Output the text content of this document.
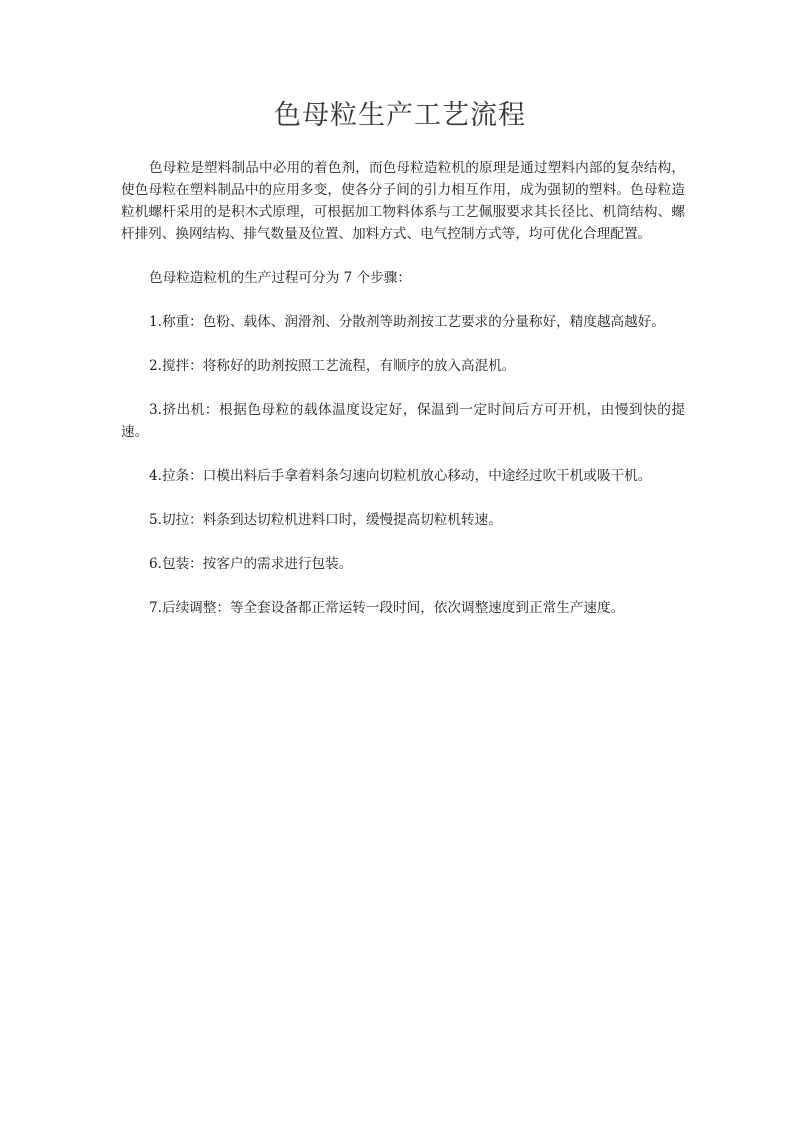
色母粒生产工艺流程

色母粒是塑料制品中必用的着色剂，而色母粒造粒机的原理是通过塑料内部的复杂结构，使色母粒在塑料制品中的应用多变，使各分子间的引力相互作用，成为强韧的塑料。色母粒造粒机螺杆采用的是积木式原理，可根据加工物料体系与工艺佩服要求其长径比、机筒结构、螺杆排列、换网结构、排气数量及位置、加料方式、电气控制方式等，均可优化合理配置。

色母粒造粒机的生产过程可分为 7 个步骤：

1.称重：色粉、载体、润滑剂、分散剂等助剂按工艺要求的分量称好，精度越高越好。

2.搅拌：将称好的助剂按照工艺流程，有顺序的放入高混机。

3.挤出机：根据色母粒的载体温度设定好，保温到一定时间后方可开机，由慢到快的提速。

4.拉条：口模出料后手拿着料条匀速向切粒机放心移动，中途经过吹干机或吸干机。

5.切拉：料条到达切粒机进料口时，缓慢提高切粒机转速。

6.包装：按客户的需求进行包装。

7.后续调整：等全套设备都正常运转一段时间，依次调整速度到正常生产速度。
